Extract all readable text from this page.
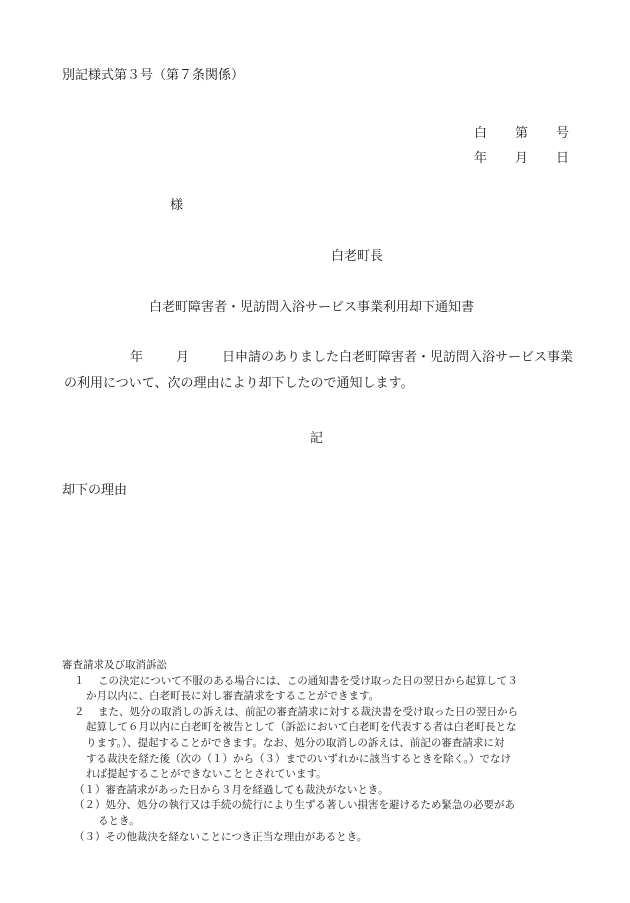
別記様式第３号（第７条関係）
白 第 号
年 月 日
様
白老町長
白老町障害者・児訪問入浴サービス事業利用却下通知書
年	月	日申請のありました白老町障害者・児訪問入浴サービス事業
の利用について、次の理由により却下したので通知します。
記
却下の理由
審査請求及び取消訴訟
１ この決定について不服のある場合には、この通知書を受け取った日の翌日から起算して３
か月以内に、白老町長に対し審査請求をすることができます。
２ また、処分の取消しの訴えは、前記の審査請求に対する裁決書を受け取った日の翌日から
起算して６月以内に白老町を被告として（訴訟において白老町を代表する者は白老町長とな
ります。）、提起することができます。なお、処分の取消しの訴えは、前記の審査請求に対
する裁決を経た後（次の（１）から（３）までのいずれかに該当するときを除く。）でなけ
れば提起することができないこととされています。
（１）審査請求があった日から３月を経過しても裁決がないとき。
（２）処分、処分の執行又は手続の続行により生ずる著しい損害を避けるため緊急の必要があ
るとき。
（３）その他裁決を経ないことにつき正当な理由があるとき。
